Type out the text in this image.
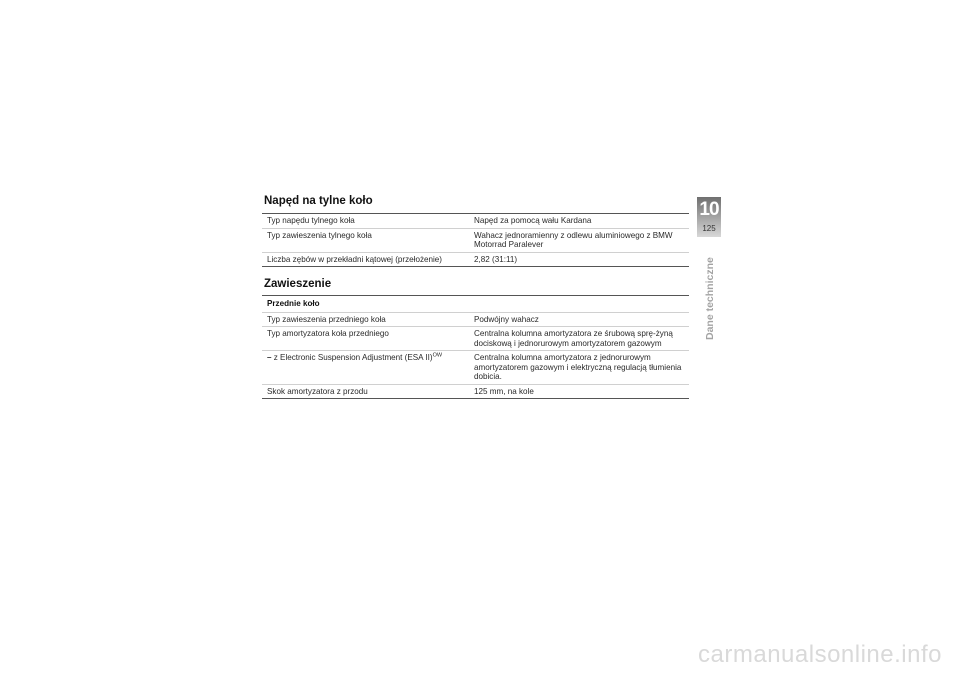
Napęd na tylne koło
Typ napędu tylnego koła	Napęd za pomocą wału Kardana
Typ zawieszenia tylnego koła	Wahacz jednoramienny z odlewu aluminiowego z BMW Motorrad Paralever
Liczba zębów w przekładni kątowej (przełożenie)	2,82 (31:11)
Zawieszenie
Przednie koło	
Typ zawieszenia przedniego koła	Podwójny wahacz
Typ amortyzatora koła przedniego	Centralna kolumna amortyzatora ze śrubową sprę-żyną dociskową i jednorurowym amortyzatorem gazowym
– z Electronic Suspension Adjustment (ESA II)$^{OW}$	Centralna kolumna amortyzatora z jednorurowym amortyzatorem gazowym i elektryczną regulacją tłumienia dobicia.
Skok amortyzatora z przodu	125 mm, na kole
10
125
Dane techniczne
carmanualsonline.info
